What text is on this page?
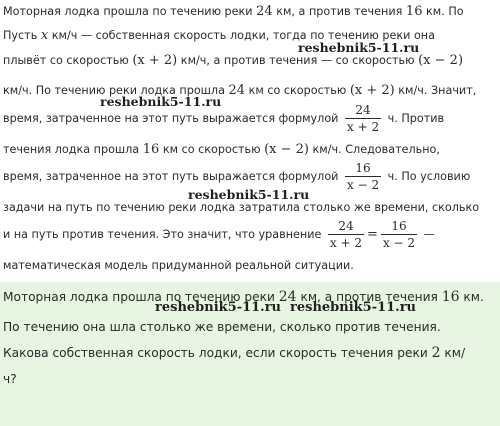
Моторная лодка прошла по течению реки 24 км, а против течения 16 км. По
Пусть x км/ч — собственная скорость лодки, тогда по течению реки она
плывёт со скоростью (x + 2) км/ч, а против течения — со скоростью (x − 2)
км/ч. По течению реки лодка прошла 24 км со скоростью (x + 2) км/ч. Значит,
время, затраченное на этот путь выражается формулой $\frac{24}{x + 2} ч$. Против
течения лодка прошла 16 км со скоростью (x − 2) км/ч. Следовательно,
время, затраченное на этот путь выражается формулой $\frac{16}{x - 2} ч$. По условию
задачи на путь по течению реки лодка затратила столько же времени, сколько
и на путь против течения. Это значит, что уравнение $\frac{24}{x + 2} = \frac{16}{x - 2}$ —
математическая модель придуманной реальной ситуации.
reshebnik5-11.ru
reshebnik5-11.ru
reshebnik5-11.ru
Моторная лодка прошла по течению реки 24 км, а против течения 16 км.
По течению она шла столько же времени, сколько против течения.
Какова собственная скорость лодки, если скорость течения реки 2 км/
ч?
reshebnik5-11.ru reshebnik5-11.ru
